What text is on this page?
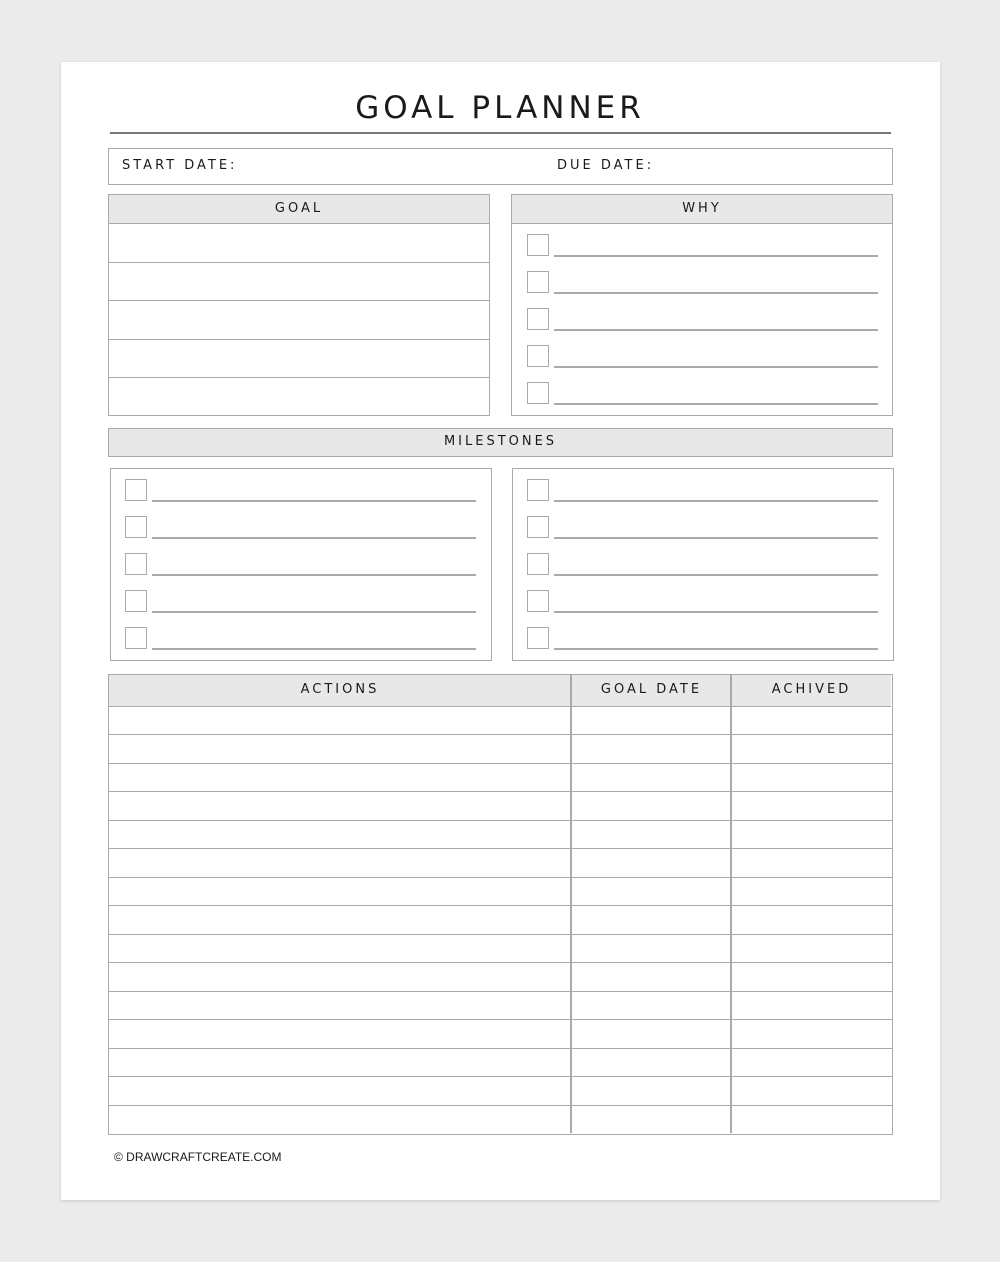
GOAL PLANNER
START DATE:	DUE DATE:
GOAL	WHY
MILESTONES
ACTIONS	GOAL DATE	ACHIVED
© DRAWCRAFTCREATE.COM
